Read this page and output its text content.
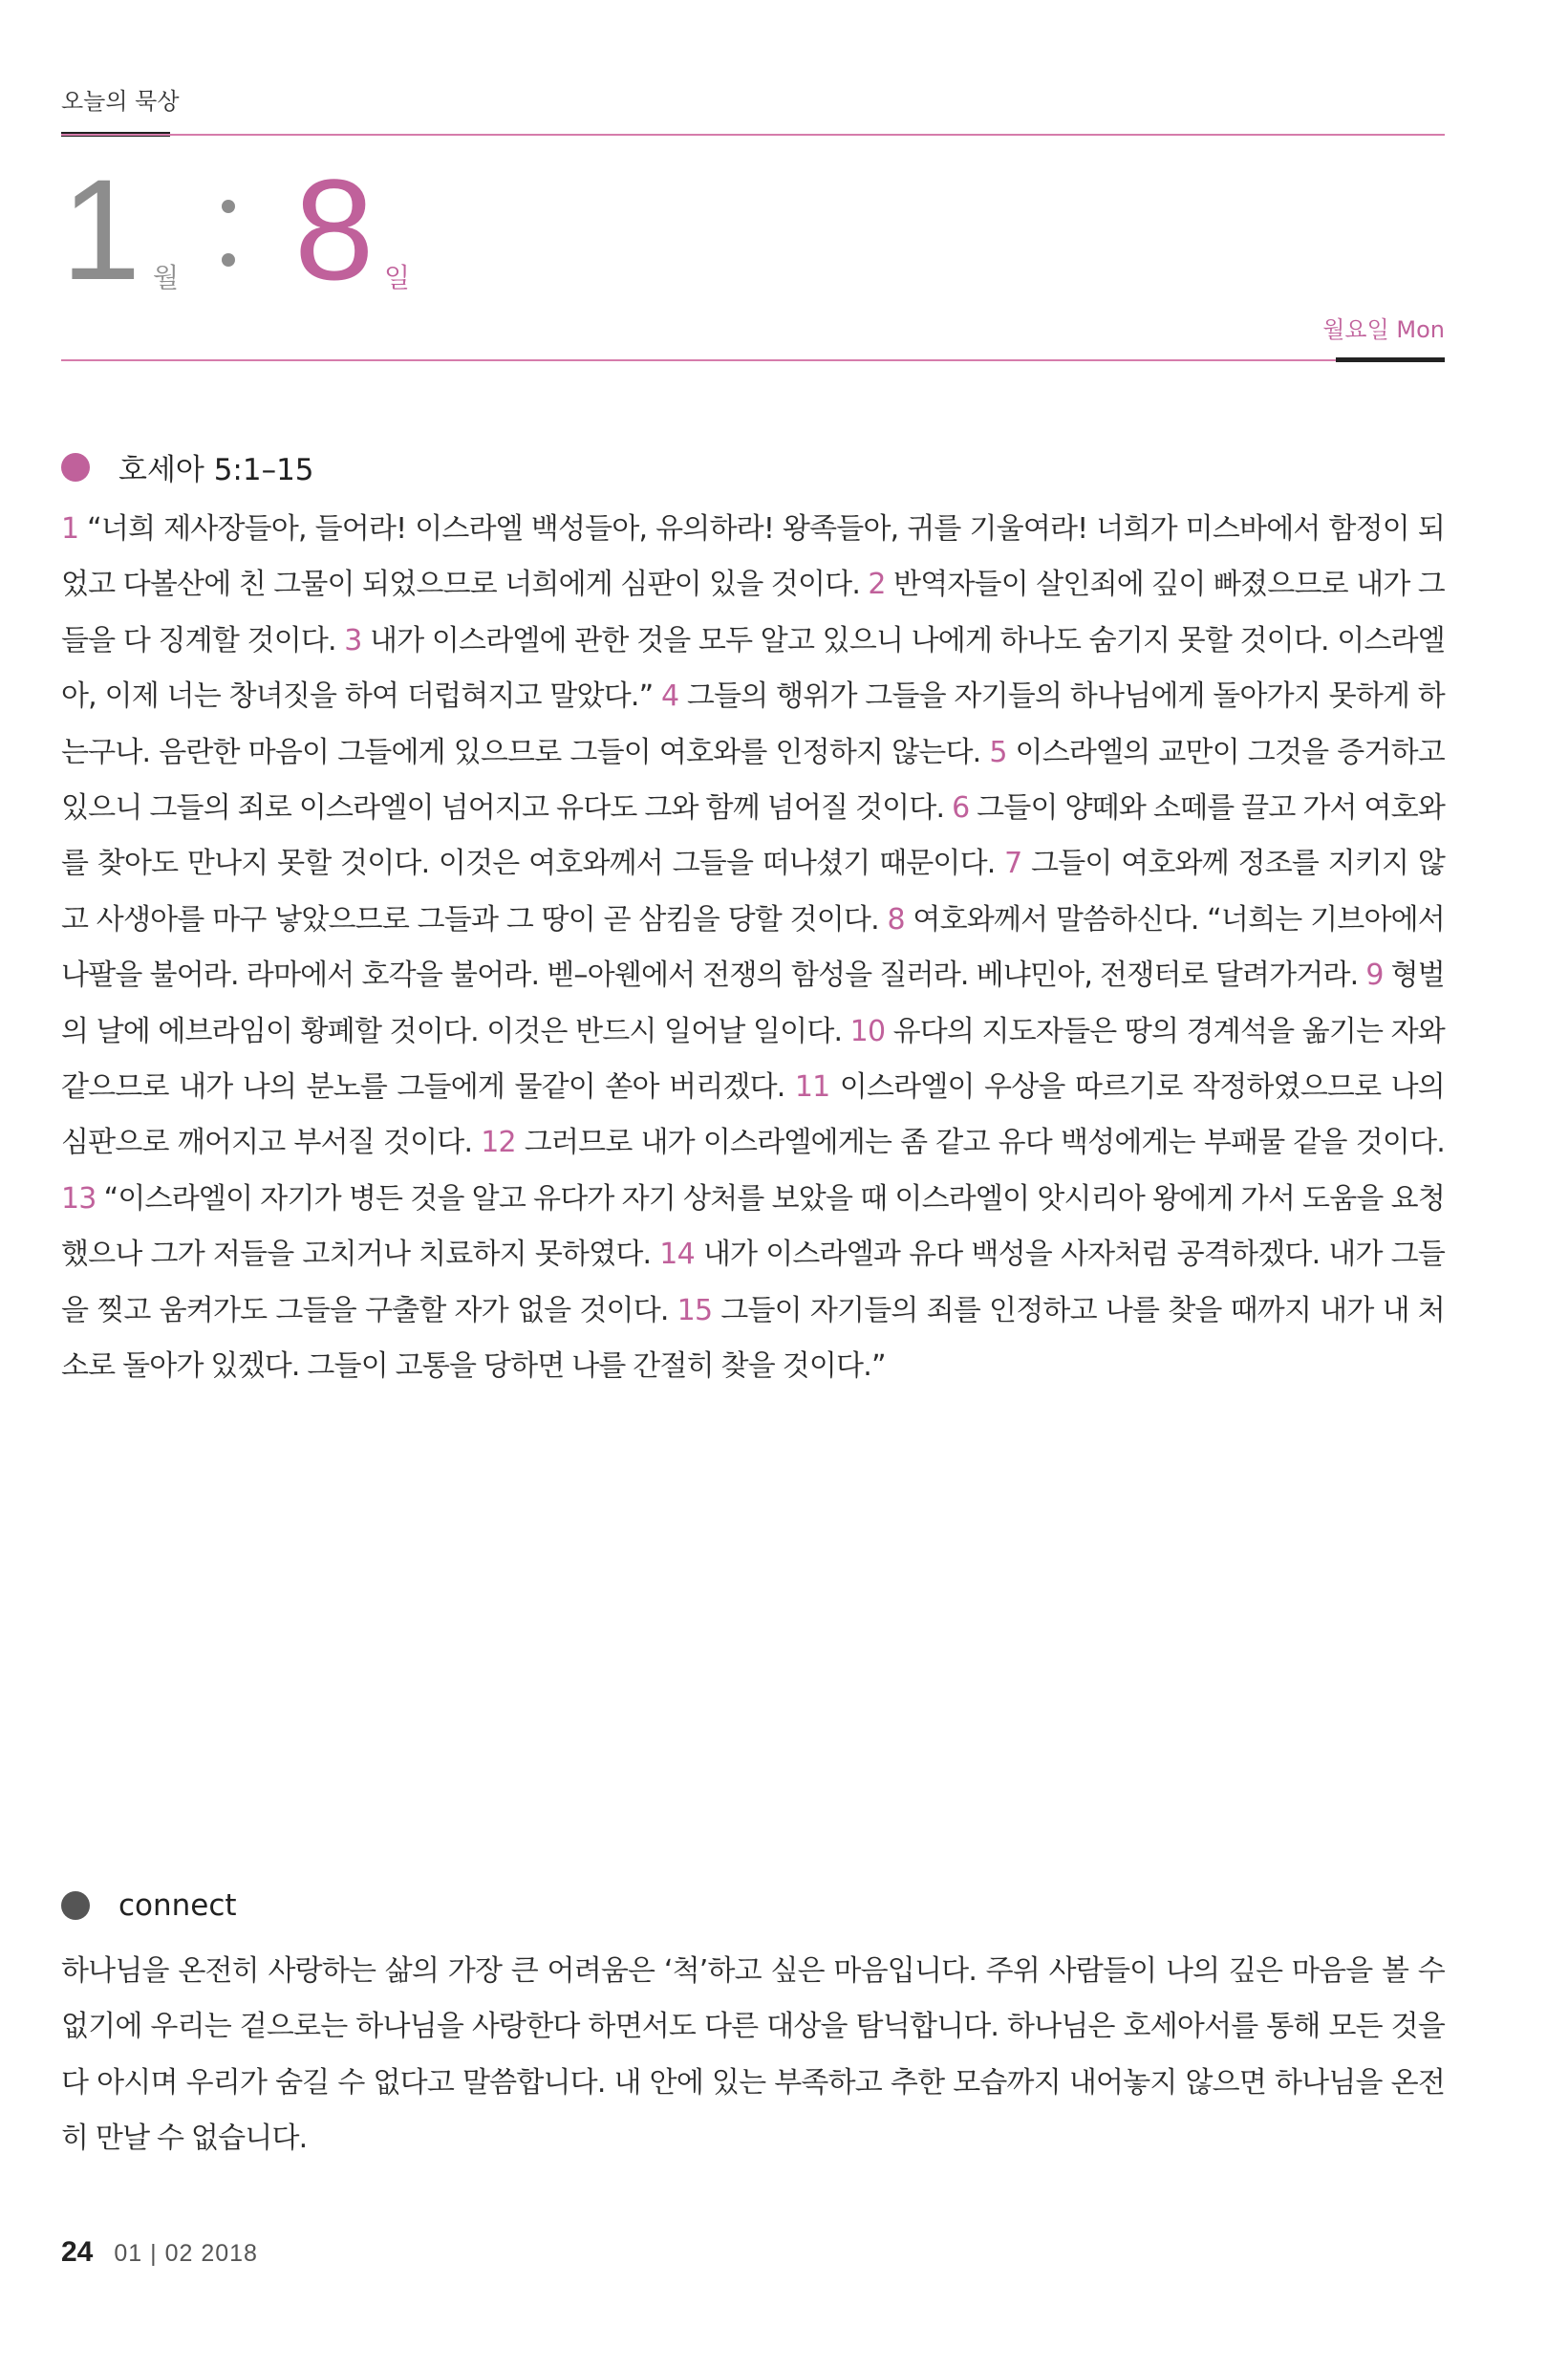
오늘의 묵상
1 월 8 일
월요일 Mon
호세아 5:1–15
1 “너희 제사장들아, 들어라! 이스라엘 백성들아, 유의하라! 왕족들아, 귀를 기울여라! 너희가 미스바에서 함정이 되었고 다볼산에 친 그물이 되었으므로 너희에게 심판이 있을 것이다. 2 반역자들이 살인죄에 깊이 빠졌으므로 내가 그들을 다 징계할 것이다. 3 내가 이스라엘에 관한 것을 모두 알고 있으니 나에게 하나도 숨기지 못할 것이다. 이스라엘아, 이제 너는 창녀짓을 하여 더럽혀지고 말았다.” 4 그들의 행위가 그들을 자기들의 하나님에게 돌아가지 못하게 하는구나. 음란한 마음이 그들에게 있으므로 그들이 여호와를 인정하지 않는다. 5 이스라엘의 교만이 그것을 증거하고 있으니 그들의 죄로 이스라엘이 넘어지고 유다도 그와 함께 넘어질 것이다. 6 그들이 양떼와 소떼를 끌고 가서 여호와를 찾아도 만나지 못할 것이다. 이것은 여호와께서 그들을 떠나셨기 때문이다. 7 그들이 여호와께 정조를 지키지 않고 사생아를 마구 낳았으므로 그들과 그 땅이 곧 삼킴을 당할 것이다. 8 여호와께서 말씀하신다. “너희는 기브아에서 나팔을 불어라. 라마에서 호각을 불어라. 벧–아웬에서 전쟁의 함성을 질러라. 베냐민아, 전쟁터로 달려가거라. 9 형벌의 날에 에브라임이 황폐할 것이다. 이것은 반드시 일어날 일이다. 10 유다의 지도자들은 땅의 경계석을 옮기는 자와 같으므로 내가 나의 분노를 그들에게 물같이 쏟아 버리겠다. 11 이스라엘이 우상을 따르기로 작정하였으므로 나의 심판으로 깨어지고 부서질 것이다. 12 그러므로 내가 이스라엘에게는 좀 같고 유다 백성에게는 부패물 같을 것이다. 13 “이스라엘이 자기가 병든 것을 알고 유다가 자기 상처를 보았을 때 이스라엘이 앗시리아 왕에게 가서 도움을 요청했으나 그가 저들을 고치거나 치료하지 못하였다. 14 내가 이스라엘과 유다 백성을 사자처럼 공격하겠다. 내가 그들을 찢고 움켜가도 그들을 구출할 자가 없을 것이다. 15 그들이 자기들의 죄를 인정하고 나를 찾을 때까지 내가 내 처소로 돌아가 있겠다. 그들이 고통을 당하면 나를 간절히 찾을 것이다.”
connect
하나님을 온전히 사랑하는 삶의 가장 큰 어려움은 ‘척’하고 싶은 마음입니다. 주위 사람들이 나의 깊은 마음을 볼 수 없기에 우리는 겉으로는 하나님을 사랑한다 하면서도 다른 대상을 탐닉합니다. 하나님은 호세아서를 통해 모든 것을 다 아시며 우리가 숨길 수 없다고 말씀합니다. 내 안에 있는 부족하고 추한 모습까지 내어놓지 않으면 하나님을 온전히 만날 수 없습니다.
24 01 | 02 2018
